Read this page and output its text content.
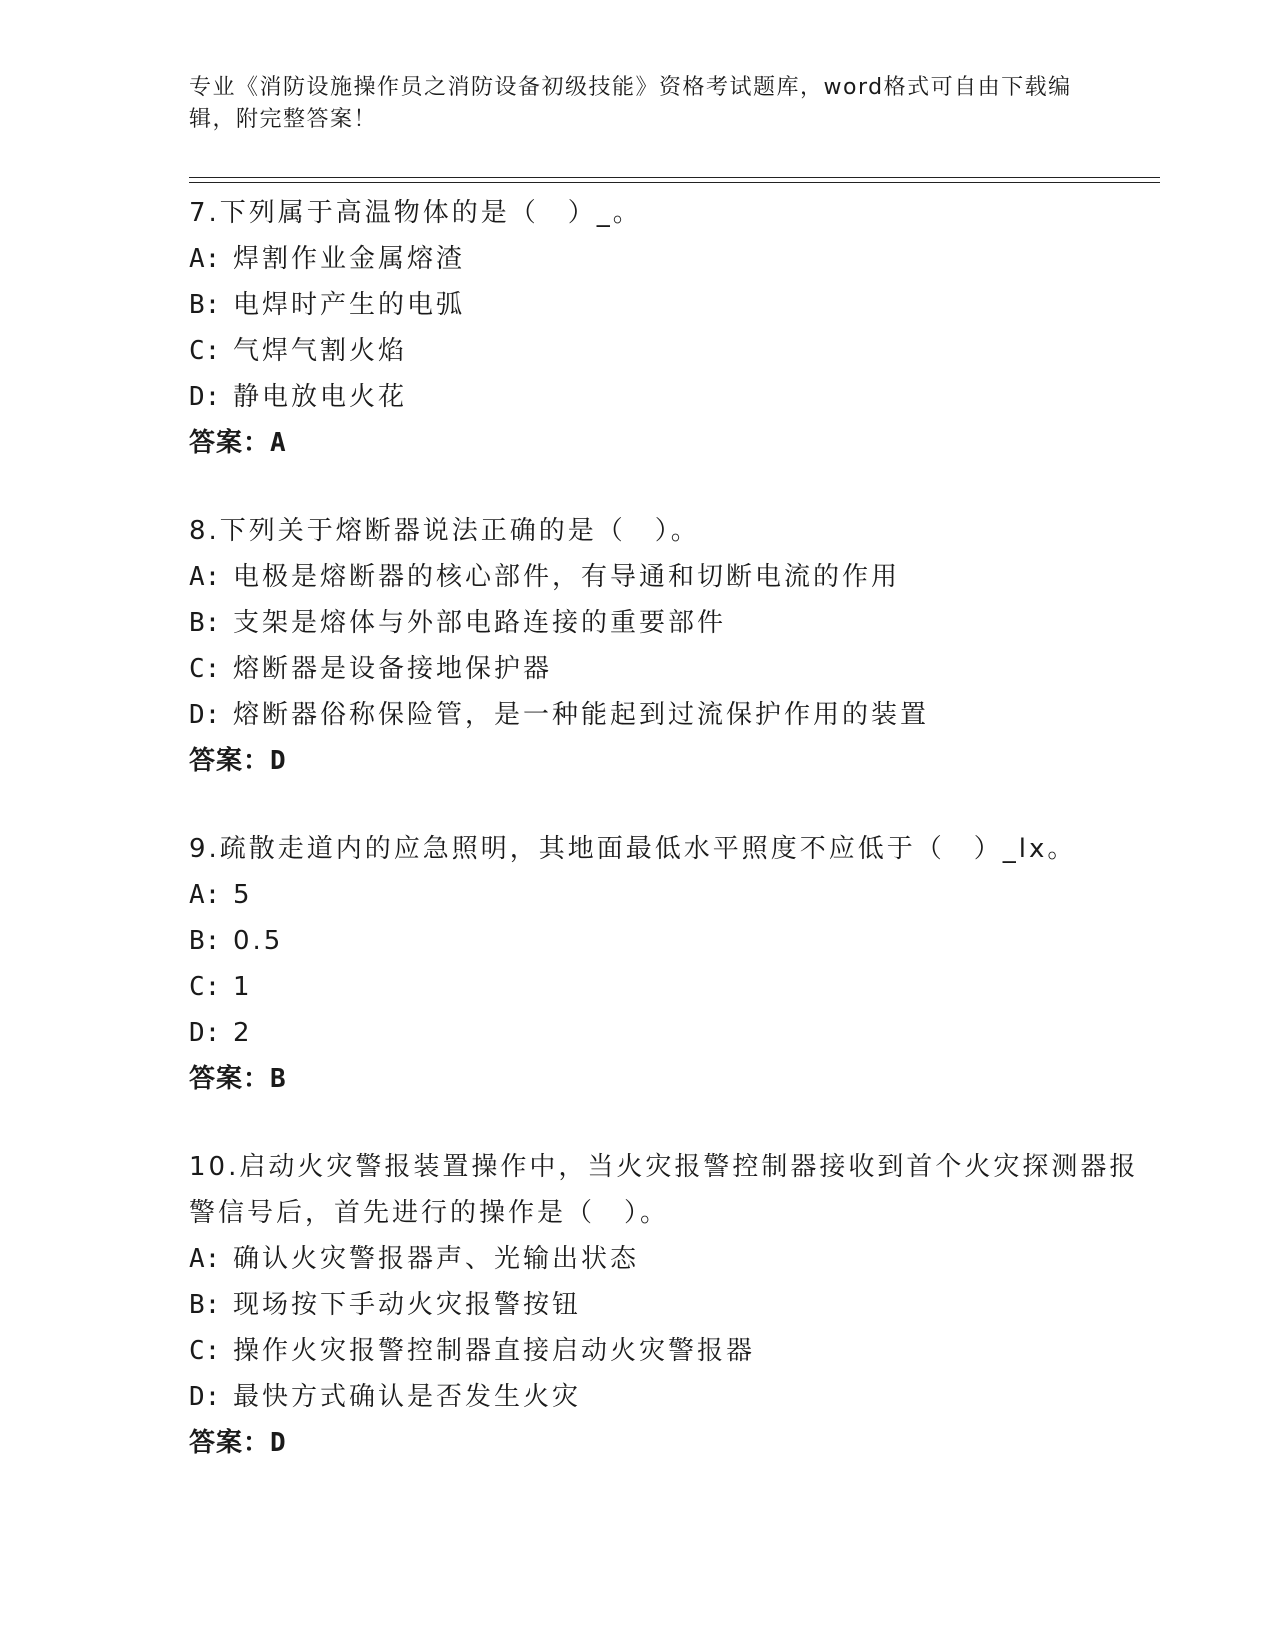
专业《消防设施操作员之消防设备初级技能》资格考试题库，word格式可自由下载编辑，附完整答案！

7.下列属于高温物体的是（　）_。

A: 焊割作业金属熔渣
B: 电焊时产生的电弧
C: 气焊气割火焰
D: 静电放电火花
答案：A

8.下列关于熔断器说法正确的是（　）。

A: 电极是熔断器的核心部件，有导通和切断电流的作用
B: 支架是熔体与外部电路连接的重要部件
C: 熔断器是设备接地保护器
D: 熔断器俗称保险管，是一种能起到过流保护作用的装置
答案：D

9.疏散走道内的应急照明，其地面最低水平照度不应低于（　）_lx。

A: 5
B: 0.5
C: 1
D: 2
答案：B

10.启动火灾警报装置操作中，当火灾报警控制器接收到首个火灾探测器报警信号后，首先进行的操作是（　）。

A: 确认火灾警报器声、光输出状态
B: 现场按下手动火灾报警按钮
C: 操作火灾报警控制器直接启动火灾警报器
D: 最快方式确认是否发生火灾
答案：D
